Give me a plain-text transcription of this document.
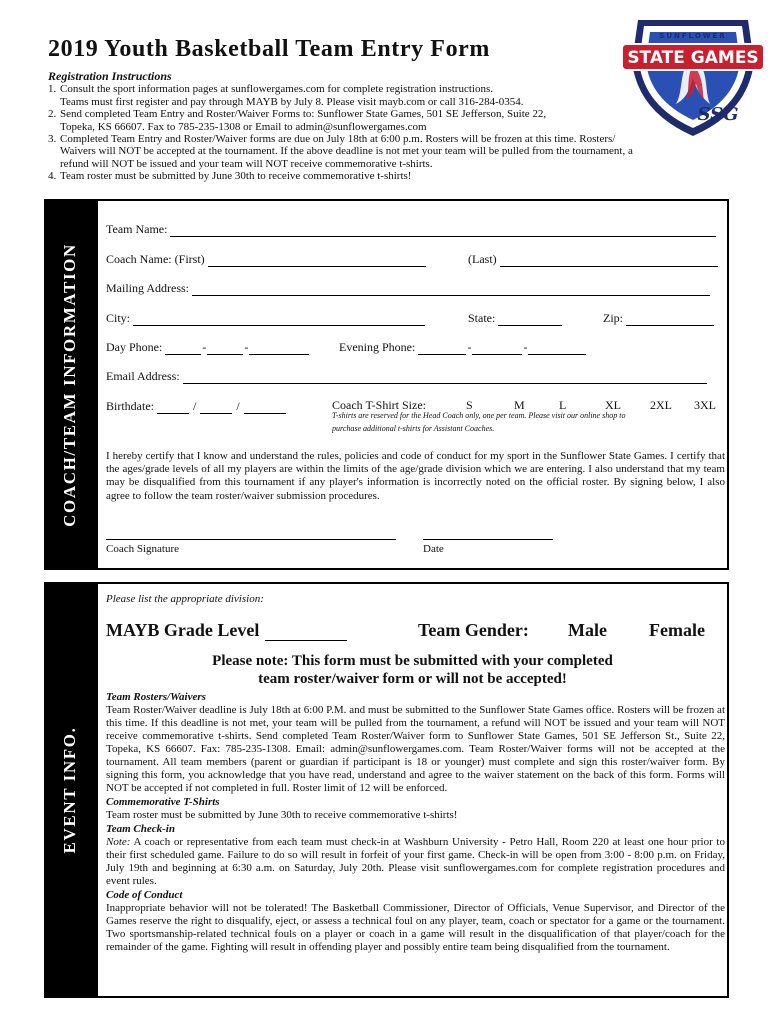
2019 Youth Basketball Team Entry Form	STATE GAMES
SUNFLOWER
SSG
Registration Instructions
1. Consult the sport information pages at sunflowergames.com for complete registration instructions.
Teams must first register and pay through MAYB by July 8. Please visit mayb.com or call 316-284-0354.
2. Send completed Team Entry and Roster/Waiver Forms to: Sunflower State Games, 501 SE Jefferson, Suite 22,
Topeka, KS 66607. Fax to 785-235-1308 or Email to admin@sunflowergames.com
3. Completed Team Entry and Roster/Waiver forms are due on July 18th at 6:00 p.m. Rosters will be frozen at this time. Rosters/
Waivers will NOT be accepted at the tournament. If the above deadline is not met your team will be pulled from the tournament, a
refund will NOT be issued and your team will NOT receive commemorative t-shirts.
4. Team roster must be submitted by June 30th to receive commemorative t-shirts!
COACH/TEAM INFORMATION
Team Name:
Coach Name: (First)	(Last)
Mailing Address:
City:	State:	Zip:
Day Phone:	-	-	Evening Phone:	-	-
Email Address:
Birthdate:	/	/	Coach T-Shirt Size:	S	M	L	XL 2XL 3XL
T-shirts are reserved for the Head Coach only, one per team. Please visit our online shop to
purchase additional t-shirts for Assistant Coaches.
I hereby certify that I know and understand the rules, policies and code of conduct for my sport in the Sunflower State Games. I certify that the ages/grade levels of all my players are within the limits of the age/grade division which we are entering. I also understand that my team may be disqualified from this tournament if any player's information is incorrectly noted on the official roster. By signing below, I also agree to follow the team roster/waiver submission procedures.
Coach Signature	Date
EVENT INFO.
Please list the appropriate division:
MAYB Grade Level	Team Gender: Male Female
Please note: This form must be submitted with your completed
team roster/waiver form or will not be accepted!
Team Rosters/Waivers
Team Roster/Waiver deadline is July 18th at 6:00 P.M. and must be submitted to the Sunflower State Games office. Rosters will be frozen at this time. If this deadline is not met, your team will be pulled from the tournament, a refund will NOT be issued and your team will NOT receive commemorative t-shirts. Send completed Team Roster/Waiver form to Sunflower State Games, 501 SE Jefferson St., Suite 22, Topeka, KS 66607. Fax: 785-235-1308. Email: admin@sunflowergames.com. Team Roster/Waiver forms will not be accepted at the tournament. All team members (parent or guardian if participant is 18 or younger) must complete and sign this roster/waiver form. By signing this form, you acknowledge that you have read, understand and agree to the waiver statement on the back of this form. Forms will NOT be accepted if not completed in full. Roster limit of 12 will be enforced.
Commemorative T-Shirts
Team roster must be submitted by June 30th to receive commemorative t-shirts!
Team Check-in
Note: A coach or representative from each team must check-in at Washburn University - Petro Hall, Room 220 at least one hour prior to their first scheduled game. Failure to do so will result in forfeit of your first game. Check-in will be open from 3:00 - 8:00 p.m. on Friday, July 19th and beginning at 6:30 a.m. on Saturday, July 20th. Please visit sunflowergames.com for complete registration procedures and event rules.
Code of Conduct
Inappropriate behavior will not be tolerated! The Basketball Commissioner, Director of Officials, Venue Supervisor, and Director of the Games reserve the right to disqualify, eject, or assess a technical foul on any player, team, coach or spectator for a game or the tournament. Two sportsmanship-related technical fouls on a player or coach in a game will result in the disqualification of that player/coach for the remainder of the game. Fighting will result in offending player and possibly entire team being disqualified from the tournament.
